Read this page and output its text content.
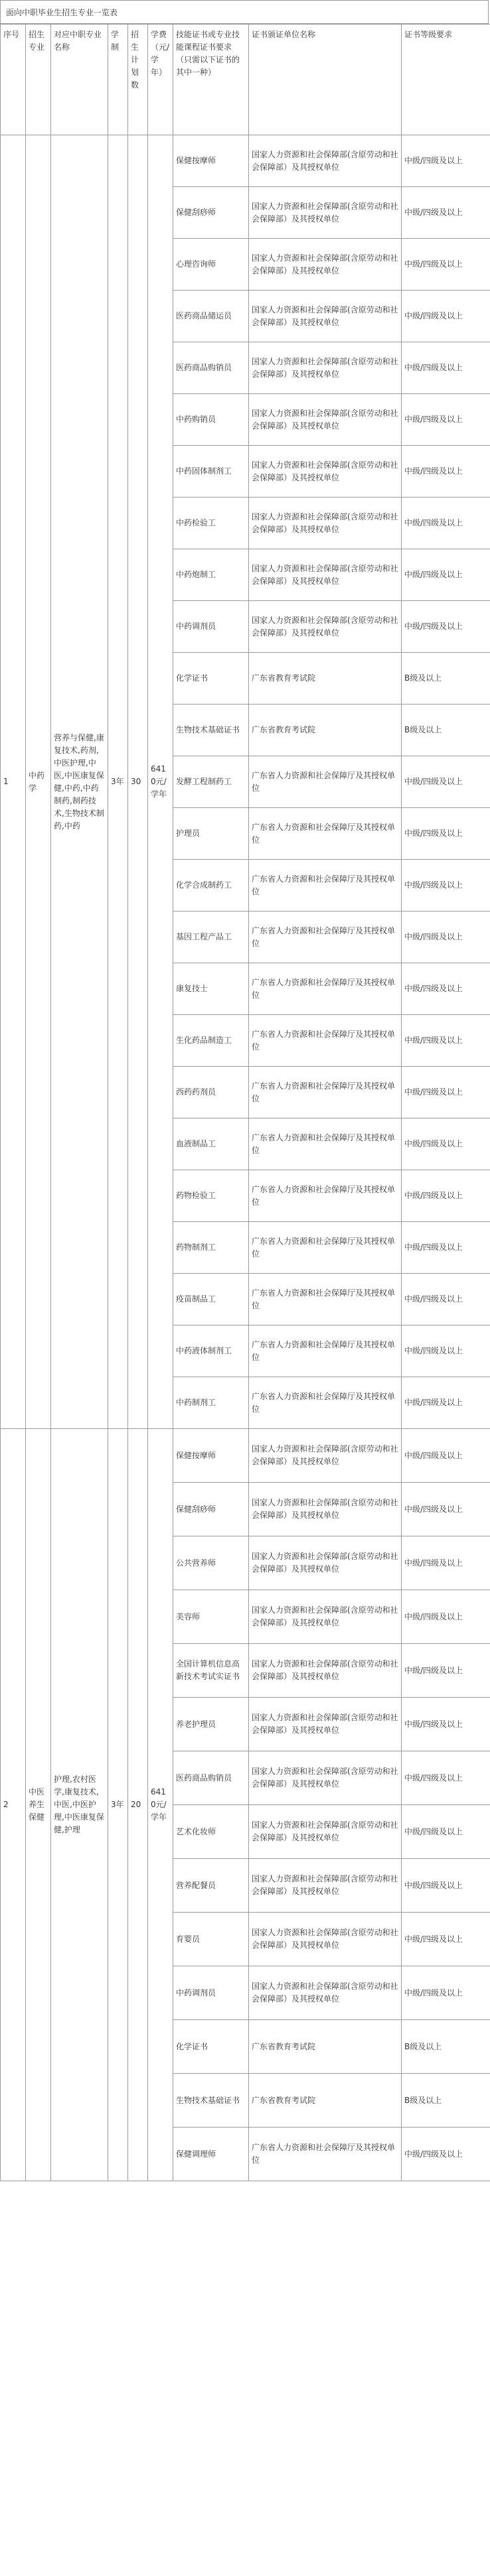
面向中职毕业生招生专业一览表
序号	招生专业	对应中职专业名称	学制	招生计划数	学费（元/学年）	技能证书或专业技能课程证书要求（只需以下证书的其中一种）	证书颁证单位名称	证书等级要求
1	中药学	营养与保健,康复技术,药剂,中医护理,中医,中医康复保健,中药,中药制药,制药技术,生物技术制药,中药	3年	30	6410元/学年	保健按摩师	国家人力资源和社会保障部(含原劳动和社会保障部）及其授权单位	中级/四级及以上
						保健刮痧师	国家人力资源和社会保障部(含原劳动和社会保障部）及其授权单位	中级/四级及以上
						心理咨询师	国家人力资源和社会保障部(含原劳动和社会保障部）及其授权单位	中级/四级及以上
						医药商品储运员	国家人力资源和社会保障部(含原劳动和社会保障部）及其授权单位	中级/四级及以上
						医药商品购销员	国家人力资源和社会保障部(含原劳动和社会保障部）及其授权单位	中级/四级及以上
						中药购销员	国家人力资源和社会保障部(含原劳动和社会保障部）及其授权单位	中级/四级及以上
						中药固体制剂工	国家人力资源和社会保障部(含原劳动和社会保障部）及其授权单位	中级/四级及以上
						中药检验工	国家人力资源和社会保障部(含原劳动和社会保障部）及其授权单位	中级/四级及以上
						中药炮制工	国家人力资源和社会保障部(含原劳动和社会保障部）及其授权单位	中级/四级及以上
						中药调剂员	国家人力资源和社会保障部(含原劳动和社会保障部）及其授权单位	中级/四级及以上
						化学证书	广东省教育考试院	B级及以上
						生物技术基础证书	广东省教育考试院	B级及以上
						发酵工程制药工	广东省人力资源和社会保障厅及其授权单位	中级/四级及以上
						护理员	广东省人力资源和社会保障厅及其授权单位	中级/四级及以上
						化学合成制药工	广东省人力资源和社会保障厅及其授权单位	中级/四级及以上
						基因工程产品工	广东省人力资源和社会保障厅及其授权单位	中级/四级及以上
						康复技士	广东省人力资源和社会保障厅及其授权单位	中级/四级及以上
						生化药品制造工	广东省人力资源和社会保障厅及其授权单位	中级/四级及以上
						西药药剂员	广东省人力资源和社会保障厅及其授权单位	中级/四级及以上
						血液制品工	广东省人力资源和社会保障厅及其授权单位	中级/四级及以上
						药物检验工	广东省人力资源和社会保障厅及其授权单位	中级/四级及以上
						药物制剂工	广东省人力资源和社会保障厅及其授权单位	中级/四级及以上
						疫苗制品工	广东省人力资源和社会保障厅及其授权单位	中级/四级及以上
						中药液体制剂工	广东省人力资源和社会保障厅及其授权单位	中级/四级及以上
						中药制剂工	广东省人力资源和社会保障厅及其授权单位	中级/四级及以上
2	中医养生保健	护理,农村医学,康复技术,中医,中医护理,中医康复保健,护理	3年	20	6410元/学年	保健按摩师	国家人力资源和社会保障部(含原劳动和社会保障部）及其授权单位	中级/四级及以上
						保健刮痧师	国家人力资源和社会保障部(含原劳动和社会保障部）及其授权单位	中级/四级及以上
						公共营养师	国家人力资源和社会保障部(含原劳动和社会保障部）及其授权单位	中级/四级及以上
						美容师	国家人力资源和社会保障部(含原劳动和社会保障部）及其授权单位	中级/四级及以上
						全国计算机信息高新技术考试实证书	国家人力资源和社会保障部(含原劳动和社会保障部）及其授权单位	中级/四级及以上
						养老护理员	国家人力资源和社会保障部(含原劳动和社会保障部）及其授权单位	中级/四级及以上
						医药商品购销员	国家人力资源和社会保障部(含原劳动和社会保障部）及其授权单位	中级/四级及以上
						艺术化妆师	国家人力资源和社会保障部(含原劳动和社会保障部）及其授权单位	中级/四级及以上
						营养配餐员	国家人力资源和社会保障部(含原劳动和社会保障部）及其授权单位	中级/四级及以上
						育婴员	国家人力资源和社会保障部(含原劳动和社会保障部）及其授权单位	中级/四级及以上
						中药调剂员	国家人力资源和社会保障部(含原劳动和社会保障部）及其授权单位	中级/四级及以上
						化学证书	广东省教育考试院	B级及以上
						生物技术基础证书	广东省教育考试院	B级及以上
						保健调理师	广东省人力资源和社会保障厅及其授权单位	中级/四级及以上
